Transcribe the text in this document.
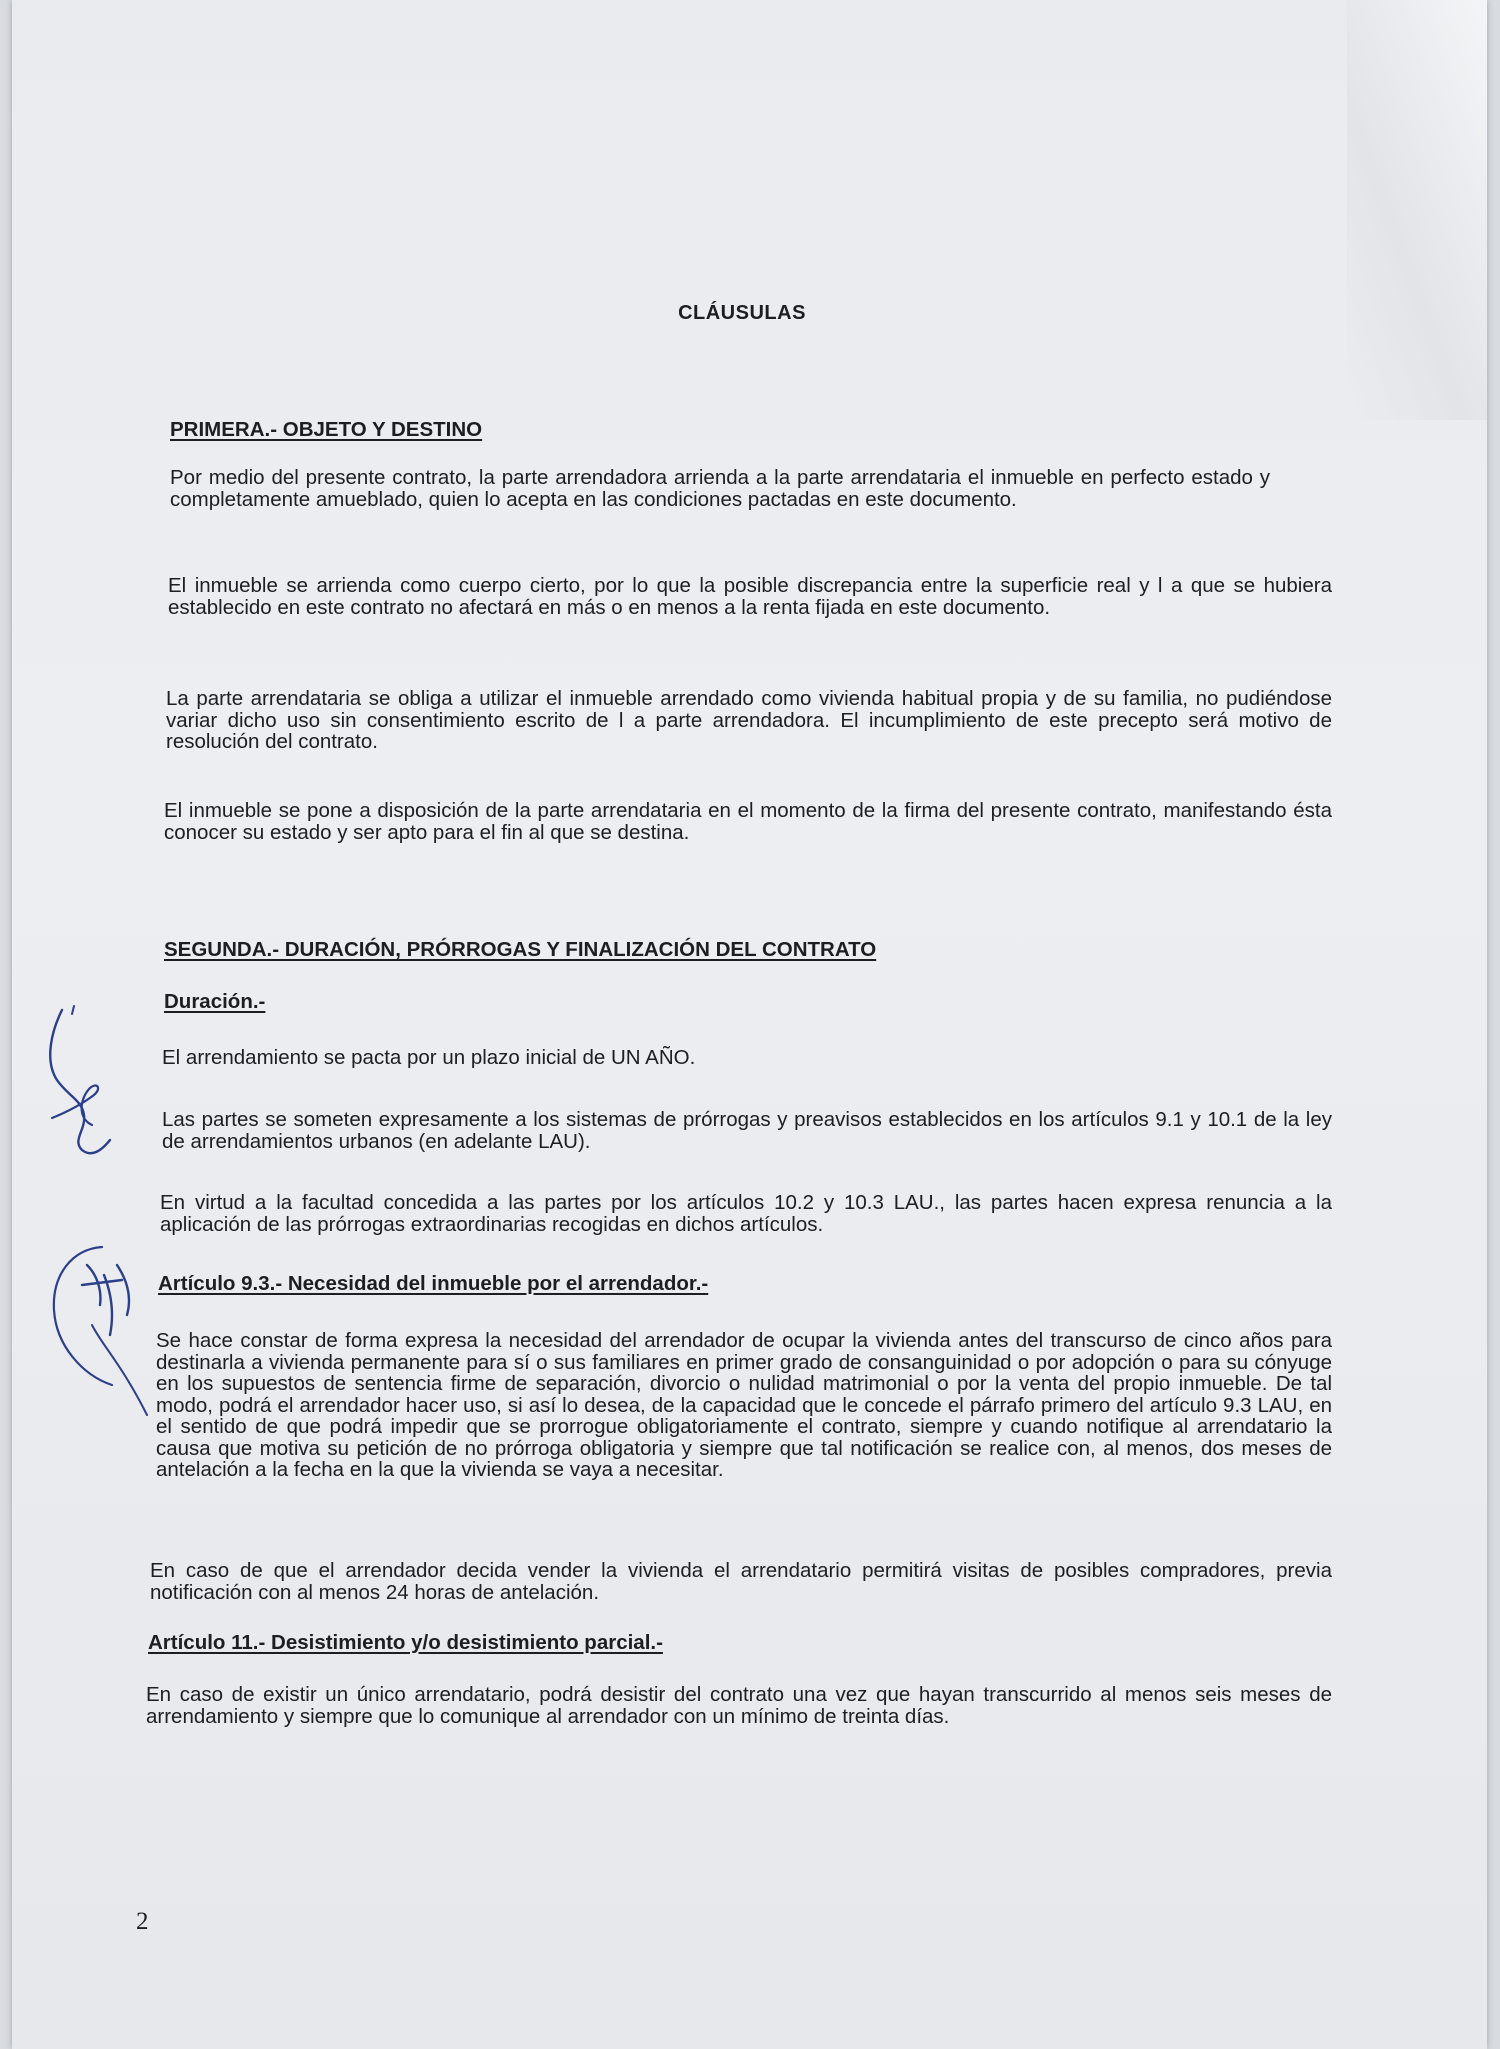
CLÁUSULAS
PRIMERA.- OBJETO Y DESTINO
Por medio del presente contrato, la parte arrendadora arrienda a la parte arrendataria el inmueble en perfecto estado y completamente amueblado, quien lo acepta en las condiciones pactadas en este documento.
El inmueble se arrienda como cuerpo cierto, por lo que la posible discrepancia entre la superficie real y l a que se hubiera establecido en este contrato no afectará en más o en menos a la renta fijada en este documento.
La parte arrendataria se obliga a utilizar el inmueble arrendado como vivienda habitual propia y de su familia, no pudiéndose variar dicho uso sin consentimiento escrito de l a parte arrendadora. El incumplimiento de este precepto será motivo de resolución del contrato.
El inmueble se pone a disposición de la parte arrendataria en el momento de la firma del presente contrato, manifestando ésta conocer su estado y ser apto para el fin al que se destina.
SEGUNDA.- DURACIÓN, PRÓRROGAS Y FINALIZACIÓN DEL CONTRATO
Duración.-
El arrendamiento se pacta por un plazo inicial de UN AÑO.
Las partes se someten expresamente a los sistemas de prórrogas y preavisos establecidos en los artículos 9.1 y 10.1 de la ley de arrendamientos urbanos (en adelante LAU).
En virtud a la facultad concedida a las partes por los artículos 10.2 y 10.3 LAU., las partes hacen expresa renuncia a la aplicación de las prórrogas extraordinarias recogidas en dichos artículos.
Artículo 9.3.- Necesidad del inmueble por el arrendador.-
Se hace constar de forma expresa la necesidad del arrendador de ocupar la vivienda antes del transcurso de cinco años para destinarla a vivienda permanente para sí o sus familiares en primer grado de consanguinidad o por adopción o para su cónyuge en los supuestos de sentencia firme de separación, divorcio o nulidad matrimonial o por la venta del propio inmueble. De tal modo, podrá el arrendador hacer uso, si así lo desea, de la capacidad que le concede el párrafo primero del artículo 9.3 LAU, en el sentido de que podrá impedir que se prorrogue obligatoriamente el contrato, siempre y cuando notifique al arrendatario la causa que motiva su petición de no prórroga obligatoria y siempre que tal notificación se realice con, al menos, dos meses de antelación a la fecha en la que la vivienda se vaya a necesitar.
En caso de que el arrendador decida vender la vivienda el arrendatario permitirá visitas de posibles compradores, previa notificación con al menos 24 horas de antelación.
Artículo 11.- Desistimiento y/o desistimiento parcial.-
En caso de existir un único arrendatario, podrá desistir del contrato una vez que hayan transcurrido al menos seis meses de arrendamiento y siempre que lo comunique al arrendador con un mínimo de treinta días.
2
